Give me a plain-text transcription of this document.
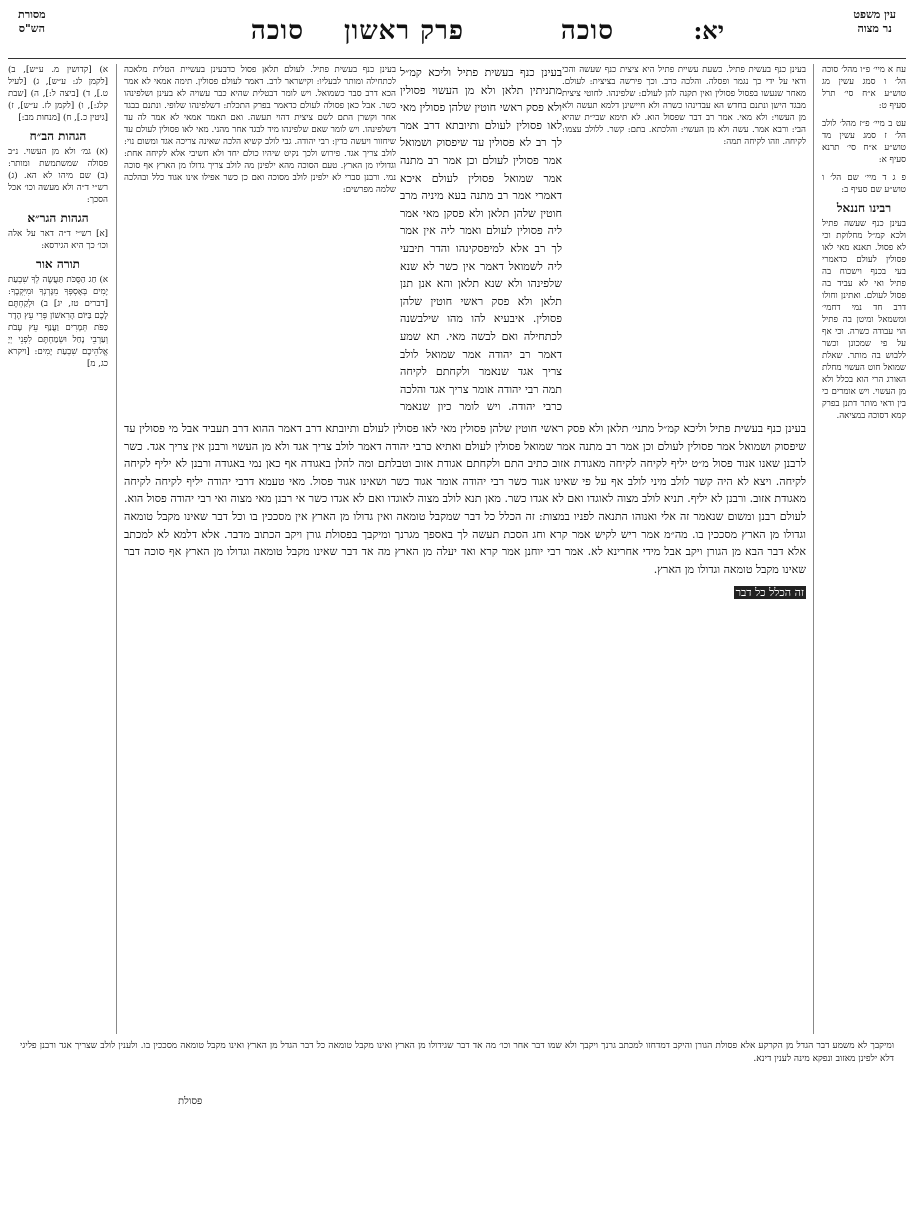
עין משפט
נר מצוה
יא:
סוכה
פרק ראשון
סוכה
מסורת
הש"ס
עח א מיי׳ פ״ו מהל׳ סוכה הל׳ ו סמג עשין מג טוש״ע א״ח סי׳ תרל סעיף ט:
עט ב מיי׳ פ״ז מהל׳ לולב הל׳ ז סמג עשין מד טוש״ע א״ח סי׳ תרנא סעיף א:
פ ג ד מיי׳ שם הל׳ ו טוש״ע שם סעיף ב:
רבינו חננאל
בעינן כנף שעשה פתיל ולכא קמ״ל מחלוקת וכי לא פסול. תאנא מאי לאו פסולין לעולם כדאמרי בעי בכנף וישכוח בה פתיל ואי לא עביד בה פסול לעולם. ואתינן וחולו דרב חד נמי דחמי׳ ומשמאל ומיטן בה פתיל הוי עבודה כשרה. וכי אף על פי שמכונן וכשר ללבוש בה מותר. שאלת שמואל חוט העשוי מחלת האורג הרי הוא בכלל ולא מן העשוי. ויש אומרים כי בין ודאי מותר דתנן בפרק קמא דסוכה במציאה.
א) [קדושין מ. ע״ש], ב) [לקמן לג: ע״ש], ג) [לעיל ט.], ד) [ביצה ל:], ה) [שבת קלג:], ו) [לקמן לז. ע״ש], ז) [גיטין כ.], ח) [מנחות מב:]
הגהות הב״ח
(א) גמ׳ ולא מן העשוי. נ״ב פסולה שמשתמשת ומותר: (ב) שם מיהו לא הא. (ג) רש״י ד״ה ולא מעשה וכו׳ אכל הסכך:
הגהות הגר״א
[א] רש״י ד״ה דאר על אלה וכו׳ כך היא הגירסא:
תורה אור
א) חַג הַסֻּכֹּת תַּעֲשֶׂה לְךָ שִׁבְעַת יָמִים בְּאָסְפְּךָ מִגָּרְנְךָ וּמִיִּקְבֶךָ: [דברים טז, יג] ב) וּלְקַחְתֶּם לָכֶם בַּיּוֹם הָרִאשׁוֹן פְּרִי עֵץ הָדָר כַּפֹּת תְּמָרִים וַעֲנַף עֵץ עָבֹת וְעַרְבֵי נָחַל וּשְׂמַחְתֶּם לִפְנֵי יְיָ אֱלֹהֵיכֶם שִׁבְעַת יָמִים: [ויקרא כג, מ]
בעינן כנף בעשית פתיל. כשעת עשיית פתיל היא ציצית כנף שעשה והכי ודאי על ידי כך נגמר ופסלה. והלכה כרב. וכך פירשה בציצית: לעולם. מאחר שנעשו בפסול פסולין ואין תקנה להן לעולם: שלפינהו. לחוטי ציצית מבגד הישן ונתנם בחדש הא עבדינהו כשרה ולא חיישינן דלמא תעשה ולא מן העשוי: ולא מאי. אמר רב דבר שפסול הוא. לא תימא שבי״ת שהיא הבי: ורבא אמר. עשה ולא מן העשוי: והלכתא. בתם: קשר. ללולב עצמו: לקיחה. וזהו לקיחה תמה:
בעינן כנף בעשית פתיל. לעולם תלאן פסול כדבעינן בעשיית הטלית מלאכה לכתחילה ומותר לבעליו: וקישראר לרב. דאמר לעולם פסולין. תימה אמאי לא אמר הכא דרב סבר כשמואל. ויש לומר דבטלית שהיא כבר עשויה לא בעינן ושלפינהו כשר. אבל כאן פסולה לעולם כדאמר בפרק התכלת: דשלפינהו שלופי. ונתנם בבגד אחר וקשרן התם לשם ציצית דהוי תעשה. ואם תאמר אמאי לא אמר לה עד דשלפינהו. ויש לומר שאם שלפינהו מיד לבגד אחר מהני. מאי לאו פסולין לעולם עד שיחזור ויעשה כדין: רבי יהודה. גבי לולב קשיא הלכה שאינה צריכה אגד ומשום נוי: לולב צריך אגד. פירוש ולכך נקיט שיהיו כולם יחד ולא חשיבי אלא לקיחה אחת: וגדוליו מן הארץ. טעם הסוכה מהא ילפינן מה לולב צריך גדולו מן הארץ אף סוכה נמי. ורבנן סברי לא ילפינן לולב מסוכה ואם כן כשר אפילו אינו אגוד כלל ובהלכה שלמה מפרשים:
בעינן כנף בעשית פתיל וליכא קמ״ל מתניתין תלאן ולא מן העשוי פסולין ולא פסק ראשי חוטין שלהן פסולין מאי לאו פסולין לעולם ותיובתא דרב אמר לך רב לא פסולין עד שיפסוק ושמואל אמר פסולין לעולם וכן אמר רב מתנה אמר שמואל פסולין לעולם איכא דאמרי אמר רב מתנה בעא מיניה מרב חוטין שלהן תלאן ולא פסקן מאי אמר ליה פסולין לעולם ואמר ליה אין אמר לך רב אלא למיפסקינהו והדר תיבעי ליה לשמואל דאמר אין כשר לא שנא שלפינהו ולא שנא תלאן והא אנן תנן תלאן ולא פסק ראשי חוטין שלהן פסולין. איבעיא להו מהו שילבשנה לכתחילה ואם לבשה מאי. תא שמע דאמר רב יהודה אמר שמואל לולב צריך אגד שנאמר ולקחתם לקיחה תמה רבי יהודה אומר צריך אגד והלכה כרבי יהודה. ויש לומר כיון שנאמר
בעינן כנף בעשית פתיל וליכא קמ״ל מתני׳ תלאן ולא פסק ראשי חוטין שלהן פסולין מאי לאו פסולין לעולם ותיובתא דרב דאמר ההוא דרב תעביד אבל מי פסולין עד שיפסוק ושמואל אמר פסולין לעולם וכן אמר רב מתנה אמר שמואל פסולין לעולם ואתיא כרבי יהודה דאמר לולב צריך אגד ולא מן העשוי ורבנן אין צריך אגד. כשר לרבנן שאנו אנוד פסול מ״ט יליף לקיחה לקיחה מאגודת אזוב כתיב התם ולקחתם אגודת אזוב וטבלתם ומה להלן באגודה אף כאן נמי באגודה ורבנן לא יליף לקיחה לקיחה. ויצא לא היה קשר לולב מיני לולב אף על פי שאינו אגוד כשר רבי יהודה אומר אגוד כשר ושאינו אגוד פסול. מאי טעמא דרבי יהודה יליף לקיחה לקיחה מאגודת אזוב. ורבנן לא יליף. תניא לולב מצוה לאוגדו ואם לא אגדו כשר. מאן תנא לולב מצוה לאוגדו ואם לא אגדו כשר אי רבנן מאי מצוה ואי רבי יהודה פסול הוא. לעולם רבנן ומשום שנאמר זה אלי ואנוהו התנאה לפניו במצות: זה הכלל כל דבר שמקבל טומאה ואין גדולו מן הארץ אין מסככין בו וכל דבר שאינו מקבל טומאה וגדולו מן הארץ מסככין בו. מה״מ אמר ריש לקיש אמר קרא וחג הסכת תעשה לך באספך מגרנך ומיקבך בפסולת גורן ויקב הכתוב מדבר. אלא דלמא לא למכתב אלא דבר הבא מן הגורן ויקב אבל מידי אחרינא לא. אמר רבי יוחנן אמר קרא ואד יעלה מן הארץ מה אד דבר שאינו מקבל טומאה וגדולו מן הארץ אף סוכה דבר שאינו מקבל טומאה וגדולו מן הארץ.
זה הכלל כל דבר
ומיקבך לא משמע דבר הגדל מן הקרקע אלא פסולת הגורן והיקב דמדחזו למכתב גרנך ויקבך ולא שמו דבר אחר וכו׳ מה אד דבר שגידולו מן הארץ ואינו מקבל טומאה כל דבר הגדל מן הארץ ואינו מקבל טומאה מסככין בו. ולענין לולב שצריך אגד ורבנן פליגי דלא ילפינן מאזוב ונפקא מינה לענין דינא.
פסולת
